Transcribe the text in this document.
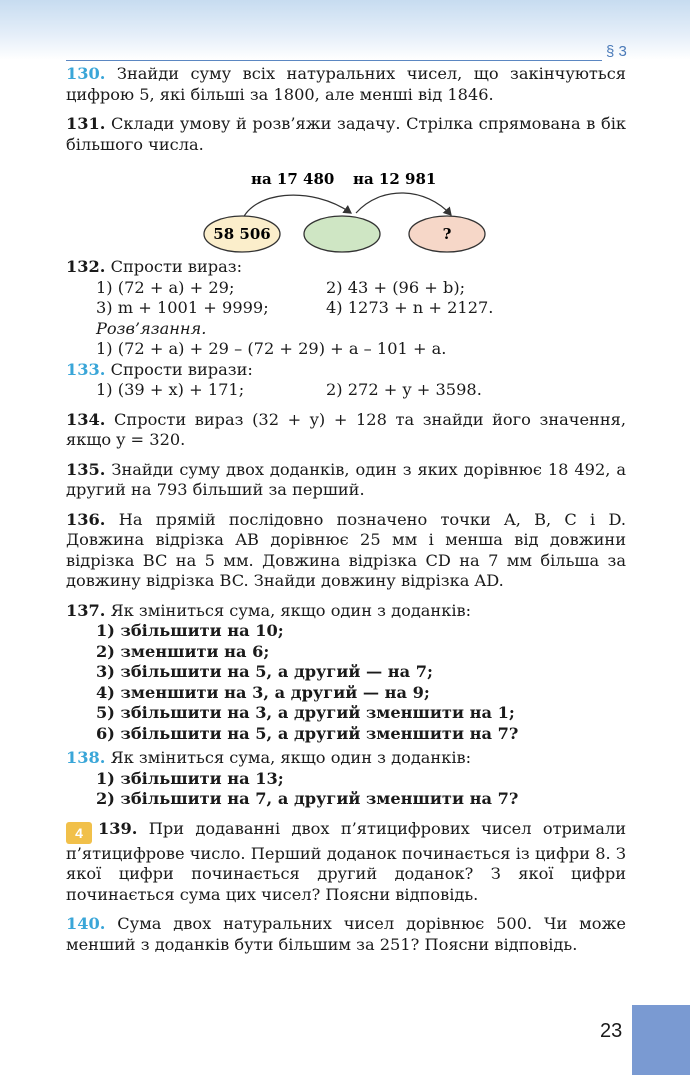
§ 3

130. Знайди суму всіх натуральних чисел, що закінчуються цифрою 5, які більші за 1800, але менші від 1846.

131. Склади умову й розв’яжи задачу. Стрілка спрямована в бік більшого числа.

на 17 480 на 12 981
58 506	?

132. Спрости вираз:

1) (72 + a) + 29;	2) 43 + (96 + b);
3) m + 1001 + 9999;	4) 1273 + n + 2127.
Розв’язання.
1) (72 + a) + 29 – (72 + 29) + a – 101 + a.

133. Спрости вирази:

1) (39 + x) + 171;	2) 272 + y + 3598.

134. Спрости вираз (32 + y) + 128 та знайди його значення, якщо y = 320.

135. Знайди суму двох доданків, один з яких дорівнює 18 492, а другий на 793 більший за перший.

136. На прямій послідовно позначено точки A, B, C і D. Довжина відрізка AB дорівнює 25 мм і менша від довжини відрізка BC на 5 мм. Довжина відрізка CD на 7 мм більша за довжину відрізка BC. Знайди довжину відрізка AD.

137. Як зміниться сума, якщо один з доданків:

1) збільшити на 10;
2) зменшити на 6;
3) збільшити на 5, а другий — на 7;
4) зменшити на 3, а другий — на 9;
5) збільшити на 3, а другий зменшити на 1;
6) збільшити на 5, а другий зменшити на 7?

138. Як зміниться сума, якщо один з доданків:

1) збільшити на 13;
2) збільшити на 7, а другий зменшити на 7?

4 139. При додаванні двох п’ятицифрових чисел отримали п’ятицифрове число. Перший доданок починається із цифри 8. З якої цифри починається другий доданок? З якої цифри починається сума цих чисел? Поясни відповідь.

140. Сума двох натуральних чисел дорівнює 500. Чи може менший з доданків бути більшим за 251? Поясни відповідь.

23
